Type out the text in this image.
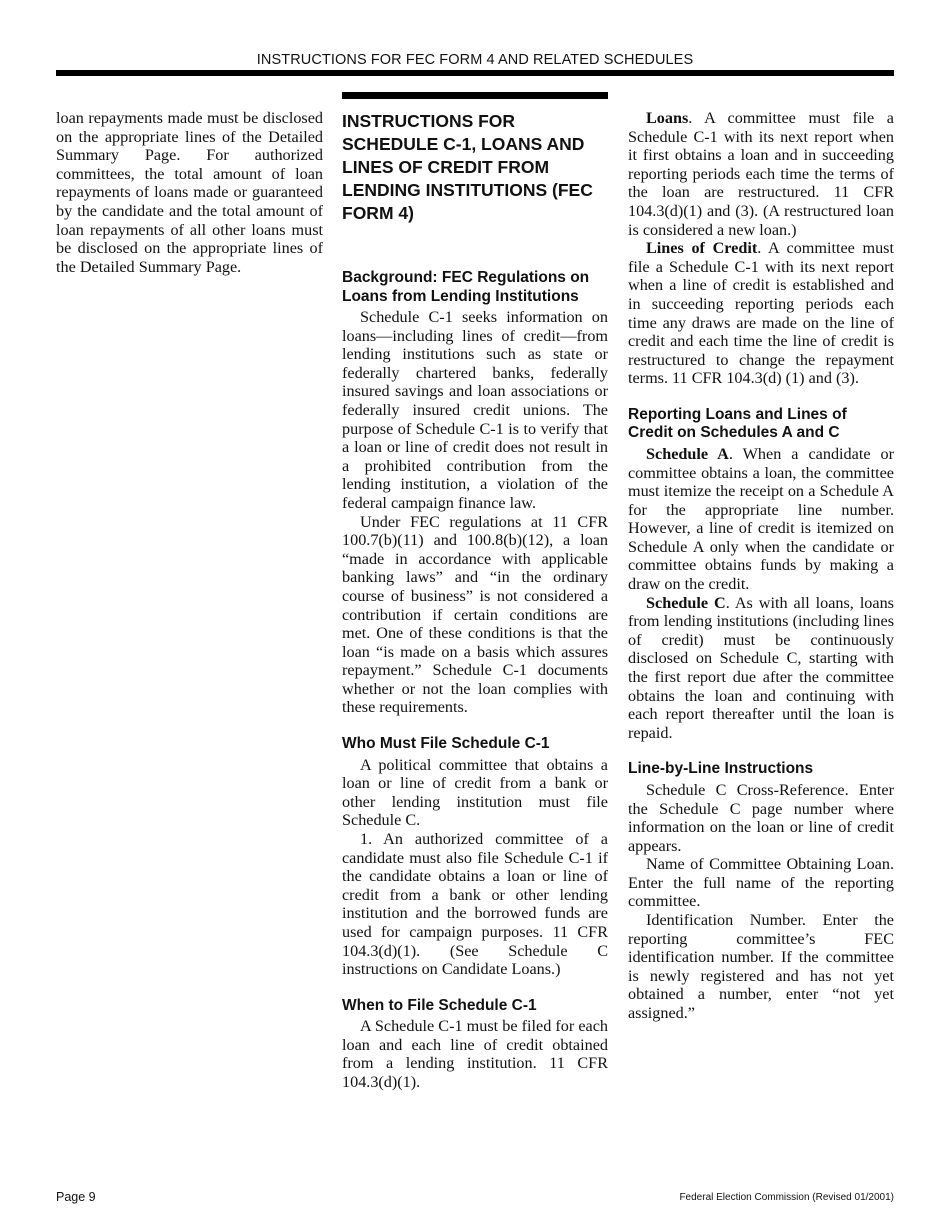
INSTRUCTIONS FOR FEC FORM 4 AND RELATED SCHEDULES

loan repayments made must be disclosed on the appropriate lines of the Detailed Summary Page. For authorized committees, the total amount of loan repayments of loans made or guaranteed by the candidate and the total amount of loan repayments of all other loans must be disclosed on the appropriate lines of the Detailed Summary Page.

INSTRUCTIONS FOR SCHEDULE C-1, LOANS AND LINES OF CREDIT FROM LENDING INSTITUTIONS (FEC FORM 4)
Background: FEC Regulations on Loans from Lending Institutions

Schedule C-1 seeks information on loans—including lines of credit—from lending institutions such as state or federally chartered banks, federally insured savings and loan associations or federally insured credit unions. The purpose of Schedule C-1 is to verify that a loan or line of credit does not result in a prohibited contribution from the lending institution, a violation of the federal campaign finance law.

Under FEC regulations at 11 CFR 100.7(b)(11) and 100.8(b)(12), a loan “made in accordance with applicable banking laws” and “in the ordinary course of business” is not considered a contribution if certain conditions are met. One of these conditions is that the loan “is made on a basis which assures repayment.” Schedule C-1 documents whether or not the loan complies with these requirements.

Who Must File Schedule C-1

A political committee that obtains a loan or line of credit from a bank or other lending institution must file Schedule C.

1. An authorized committee of a candidate must also file Schedule C-1 if the candidate obtains a loan or line of credit from a bank or other lending institution and the borrowed funds are used for campaign purposes. 11 CFR 104.3(d)(1). (See Schedule C instructions on Candidate Loans.)

When to File Schedule C-1

A Schedule C-1 must be filed for each loan and each line of credit obtained from a lending institution. 11 CFR 104.3(d)(1).

Loans. A committee must file a Schedule C-1 with its next report when it first obtains a loan and in succeeding reporting periods each time the terms of the loan are restructured. 11 CFR 104.3(d)(1) and (3). (A restructured loan is considered a new loan.)

Lines of Credit. A committee must file a Schedule C-1 with its next report when a line of credit is established and in succeeding reporting periods each time any draws are made on the line of credit and each time the line of credit is restructured to change the repayment terms. 11 CFR 104.3(d) (1) and (3).

Reporting Loans and Lines of Credit on Schedules A and C

Schedule A. When a candidate or committee obtains a loan, the committee must itemize the receipt on a Schedule A for the appropriate line number. However, a line of credit is itemized on Schedule A only when the candidate or committee obtains funds by making a draw on the credit.

Schedule C. As with all loans, loans from lending institutions (including lines of credit) must be continuously disclosed on Schedule C, starting with the first report due after the committee obtains the loan and continuing with each report thereafter until the loan is repaid.

Line-by-Line Instructions

Schedule C Cross-Reference. Enter the Schedule C page number where information on the loan or line of credit appears.

Name of Committee Obtaining Loan. Enter the full name of the reporting committee.

Identification Number. Enter the reporting committee’s FEC identification number. If the committee is newly registered and has not yet obtained a number, enter “not yet assigned.”

Page 9	Federal Election Commission (Revised 01/2001)
